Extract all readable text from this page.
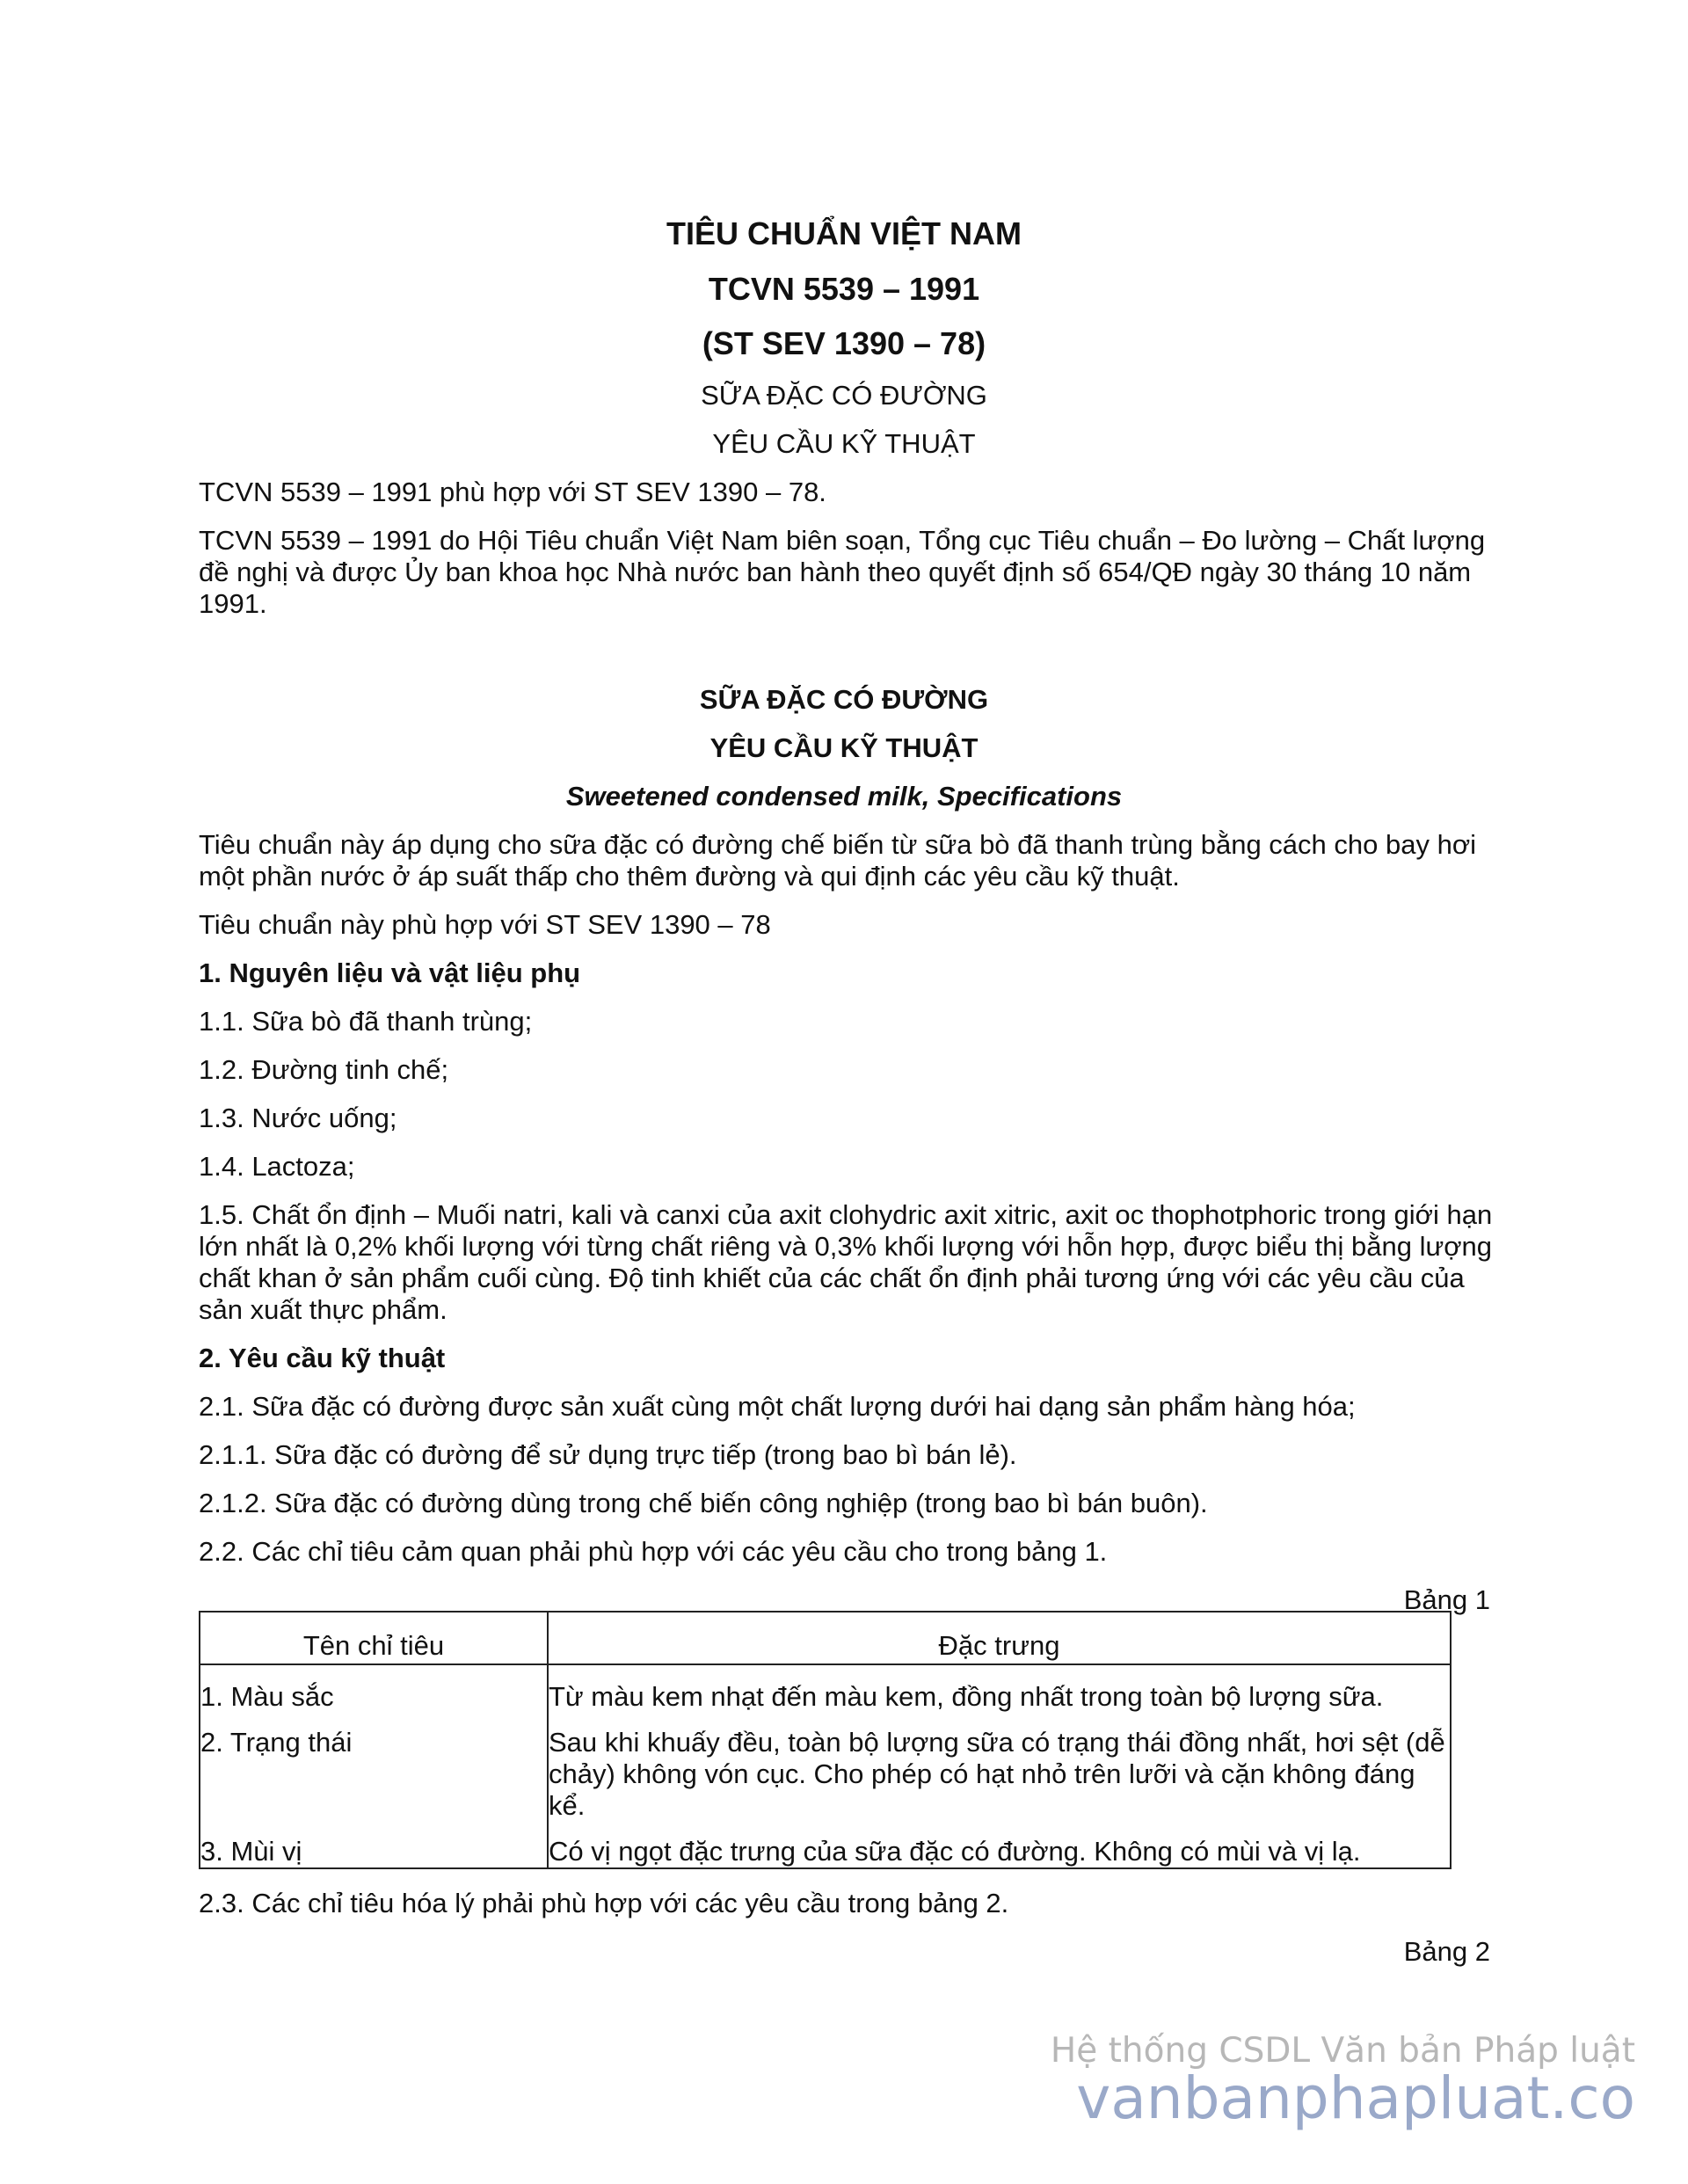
TIÊU CHUẨN VIỆT NAM
TCVN 5539 – 1991
(ST SEV 1390 – 78)
SỮA ĐẶC CÓ ĐƯỜNG
YÊU CẦU KỸ THUẬT
TCVN 5539 – 1991 phù hợp với ST SEV 1390 – 78.
TCVN 5539 – 1991 do Hội Tiêu chuẩn Việt Nam biên soạn, Tổng cục Tiêu chuẩn – Đo lường – Chất lượng đề nghị và được Ủy ban khoa học Nhà nước ban hành theo quyết định số 654/QĐ ngày 30 tháng 10 năm 1991.
SỮA ĐẶC CÓ ĐƯỜNG
YÊU CẦU KỸ THUẬT
Sweetened condensed milk, Specifications
Tiêu chuẩn này áp dụng cho sữa đặc có đường chế biến từ sữa bò đã thanh trùng bằng cách cho bay hơi một phần nước ở áp suất thấp cho thêm đường và qui định các yêu cầu kỹ thuật.
Tiêu chuẩn này phù hợp với ST SEV 1390 – 78
1. Nguyên liệu và vật liệu phụ
1.1. Sữa bò đã thanh trùng;
1.2. Đường tinh chế;
1.3. Nước uống;
1.4. Lactoza;
1.5. Chất ổn định – Muối natri, kali và canxi của axit clohydric axit xitric, axit oc thophotphoric trong giới hạn lớn nhất là 0,2% khối lượng với từng chất riêng và 0,3% khối lượng với hỗn hợp, được biểu thị bằng lượng chất khan ở sản phẩm cuối cùng. Độ tinh khiết của các chất ổn định phải tương ứng với các yêu cầu của sản xuất thực phẩm.
2. Yêu cầu kỹ thuật
2.1. Sữa đặc có đường được sản xuất cùng một chất lượng dưới hai dạng sản phẩm hàng hóa;
2.1.1. Sữa đặc có đường để sử dụng trực tiếp (trong bao bì bán lẻ).
2.1.2. Sữa đặc có đường dùng trong chế biến công nghiệp (trong bao bì bán buôn).
2.2. Các chỉ tiêu cảm quan phải phù hợp với các yêu cầu cho trong bảng 1.
Bảng 1
Tên chỉ tiêu	Đặc trưng
1. Màu sắc	Từ màu kem nhạt đến màu kem, đồng nhất trong toàn bộ lượng sữa.
2. Trạng thái	Sau khi khuấy đều, toàn bộ lượng sữa có trạng thái đồng nhất, hơi sệt (dễ chảy) không vón cục. Cho phép có hạt nhỏ trên lưỡi và cặn không đáng kể.
3. Mùi vị	Có vị ngọt đặc trưng của sữa đặc có đường. Không có mùi và vị lạ.
2.3. Các chỉ tiêu hóa lý phải phù hợp với các yêu cầu trong bảng 2.
Bảng 2
Hệ thống CSDL Văn bản Pháp luật
vanbanphapluat.co
